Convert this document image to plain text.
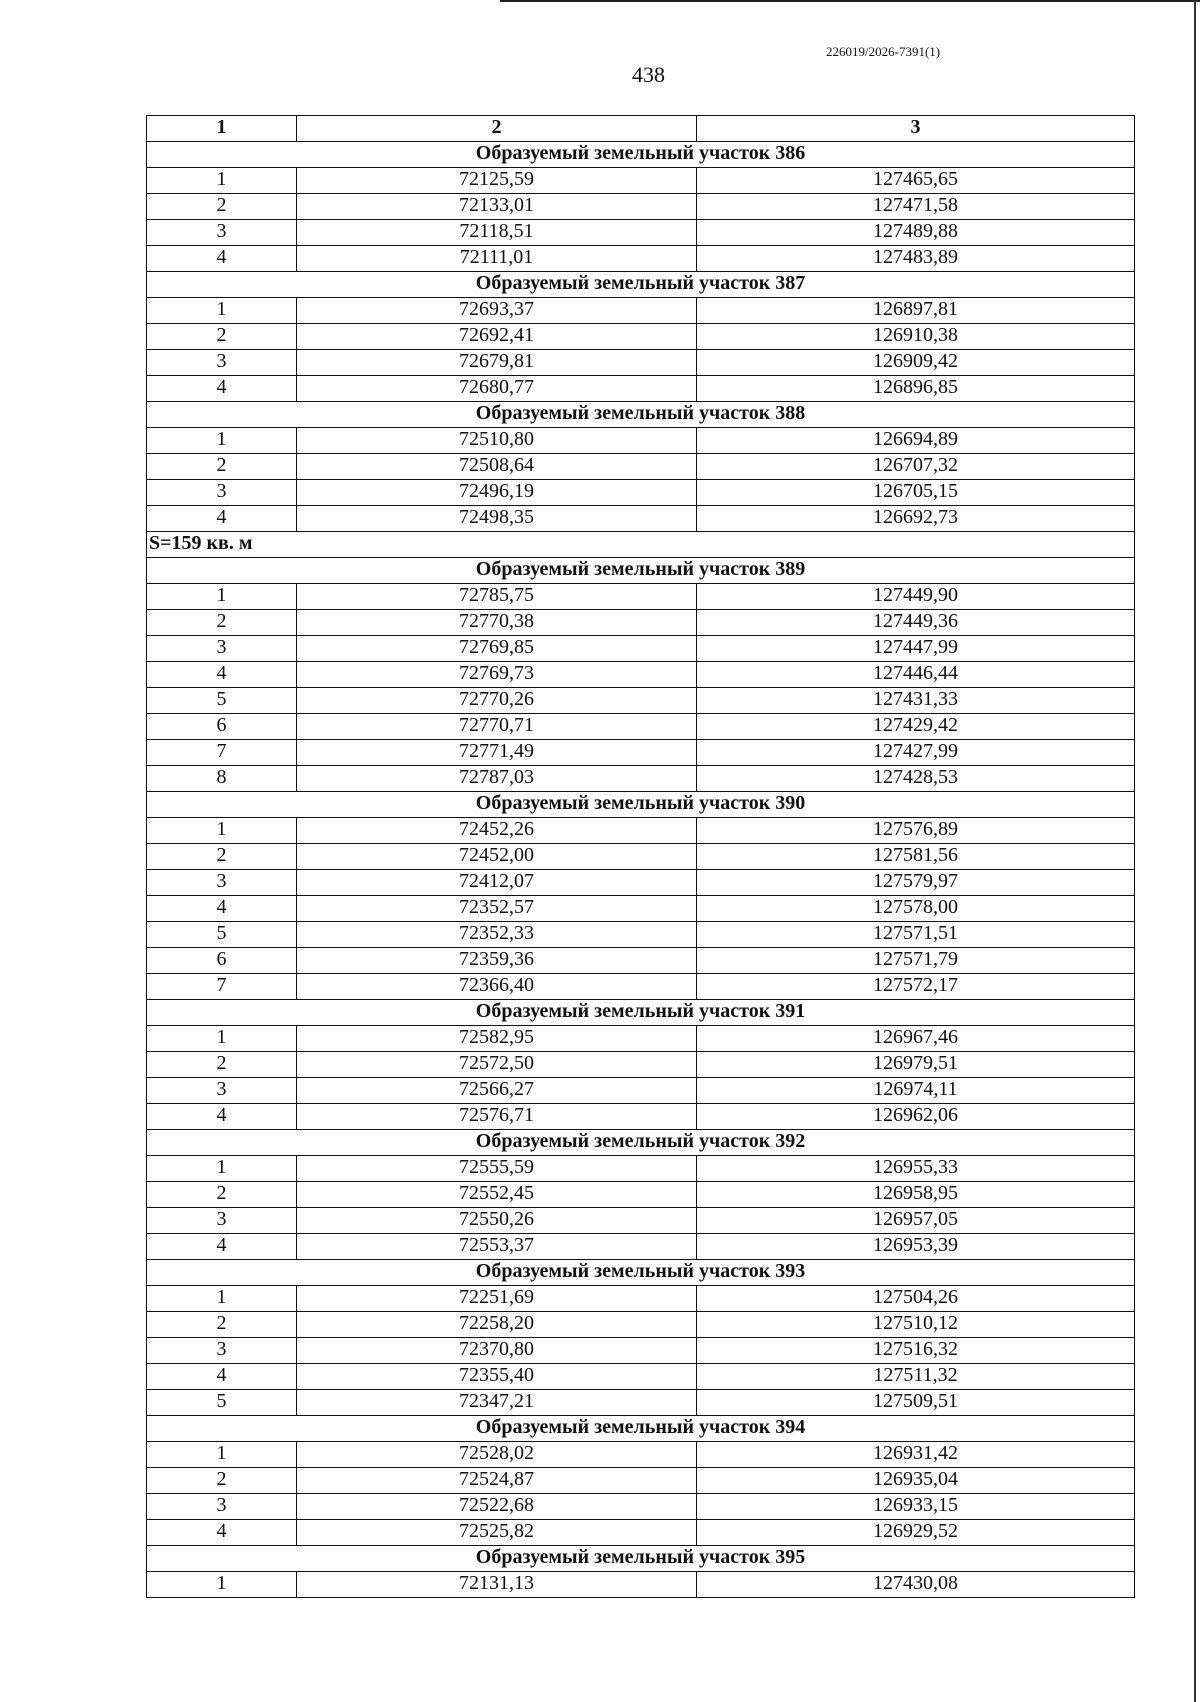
226019/2026-7391(1)
438
1	2	3
Образуемый земельный участок 386		
1	72125,59	127465,65
2	72133,01	127471,58
3	72118,51	127489,88
4	72111,01	127483,89
Образуемый земельный участок 387		
1	72693,37	126897,81
2	72692,41	126910,38
3	72679,81	126909,42
4	72680,77	126896,85
Образуемый земельный участок 388		
1	72510,80	126694,89
2	72508,64	126707,32
3	72496,19	126705,15
4	72498,35	126692,73
S=159 кв. м		
Образуемый земельный участок 389		
1	72785,75	127449,90
2	72770,38	127449,36
3	72769,85	127447,99
4	72769,73	127446,44
5	72770,26	127431,33
6	72770,71	127429,42
7	72771,49	127427,99
8	72787,03	127428,53
Образуемый земельный участок 390		
1	72452,26	127576,89
2	72452,00	127581,56
3	72412,07	127579,97
4	72352,57	127578,00
5	72352,33	127571,51
6	72359,36	127571,79
7	72366,40	127572,17
Образуемый земельный участок 391		
1	72582,95	126967,46
2	72572,50	126979,51
3	72566,27	126974,11
4	72576,71	126962,06
Образуемый земельный участок 392		
1	72555,59	126955,33
2	72552,45	126958,95
3	72550,26	126957,05
4	72553,37	126953,39
Образуемый земельный участок 393		
1	72251,69	127504,26
2	72258,20	127510,12
3	72370,80	127516,32
4	72355,40	127511,32
5	72347,21	127509,51
Образуемый земельный участок 394		
1	72528,02	126931,42
2	72524,87	126935,04
3	72522,68	126933,15
4	72525,82	126929,52
Образуемый земельный участок 395		
1	72131,13	127430,08
